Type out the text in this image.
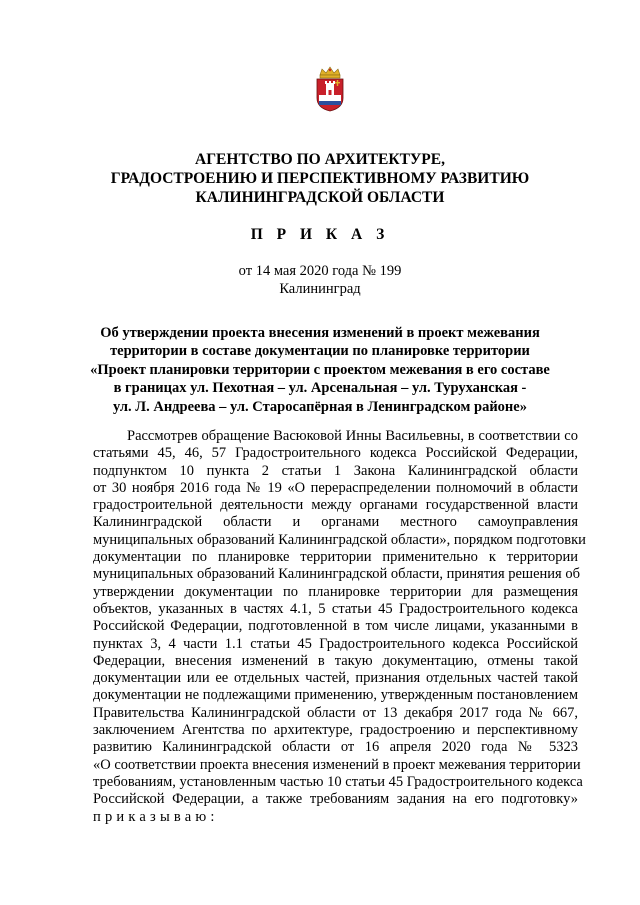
АГЕНТСТВО ПО АРХИТЕКТУРЕ,
ГРАДОСТРОЕНИЮ И ПЕРСПЕКТИВНОМУ РАЗВИТИЮ
КАЛИНИНГРАДСКОЙ ОБЛАСТИ
П Р И К А З
от 14 мая 2020 года № 199
Калининград
Об утверждении проекта внесения изменений в проект межевания
территории в составе документации по планировке территории
«Проект планировки территории с проектом межевания в его составе
в границах ул. Пехотная – ул. Арсенальная – ул. Туруханская -
ул. Л. Андреева – ул. Старосапёрная в Ленинградском районе»
Рассмотрев обращение Васюковой Инны Васильевны, в соответствии со
статьями 45, 46, 57 Градостроительного кодекса Российской Федерации,
подпунктом 10 пункта 2 статьи 1 Закона Калининградской области
от 30 ноября 2016 года № 19 «О перераспределении полномочий в области
градостроительной деятельности между органами государственной власти
Калининградской области и органами местного самоуправления
муниципальных образований Калининградской области», порядком подготовки
документации по планировке территории применительно к территории
муниципальных образований Калининградской области, принятия решения об
утверждении документации по планировке территории для размещения
объектов, указанных в частях 4.1, 5 статьи 45 Градостроительного кодекса
Российской Федерации, подготовленной в том числе лицами, указанными в
пунктах 3, 4 части 1.1 статьи 45 Градостроительного кодекса Российской
Федерации, внесения изменений в такую документацию, отмены такой
документации или ее отдельных частей, признания отдельных частей такой
документации не подлежащими применению, утвержденным постановлением
Правительства Калининградской области от 13 декабря 2017 года № 667,
заключением Агентства по архитектуре, градостроению и перспективному
развитию Калининградской области от 16 апреля 2020 года № 5323
«О соответствии проекта внесения изменений в проект межевания территории
требованиям, установленным частью 10 статьи 45 Градостроительного кодекса
Российской Федерации, а также требованиям задания на его подготовку»
приказываю:
